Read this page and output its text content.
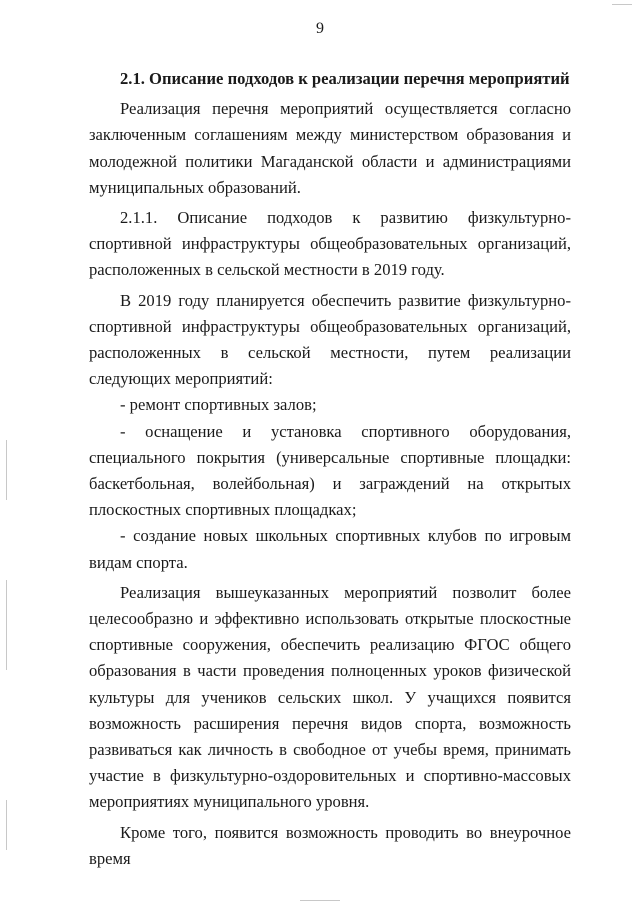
9
2.1. Описание подходов к реализации перечня мероприятий

Реализация перечня мероприятий осуществляется согласно заключенным соглашениям между министерством образования и молодежной политики Магаданской области и администрациями муниципальных образований.

2.1.1. Описание подходов к развитию физкультурно-спортивной инфраструктуры общеобразовательных организаций, расположенных в сельской местности в 2019 году.

В 2019 году планируется обеспечить развитие физкультурно-спортивной инфраструктуры общеобразовательных организаций, расположенных в сельской местности, путем реализации следующих мероприятий:

- ремонт спортивных залов;

- оснащение и установка спортивного оборудования, специального покрытия (универсальные спортивные площадки: баскетбольная, волейбольная) и заграждений на открытых плоскостных спортивных площадках;

- создание новых школьных спортивных клубов по игровым видам спорта.

Реализация вышеуказанных мероприятий позволит более целесообразно и эффективно использовать открытые плоскостные спортивные сооружения, обеспечить реализацию ФГОС общего образования в части проведения полноценных уроков физической культуры для учеников сельских школ. У учащихся появится возможность расширения перечня видов спорта, возможность развиваться как личность в свободное от учебы время, принимать участие в физкультурно-оздоровительных и спортивно-массовых мероприятиях муниципального уровня.

Кроме того, появится возможность проводить во внеурочное время
